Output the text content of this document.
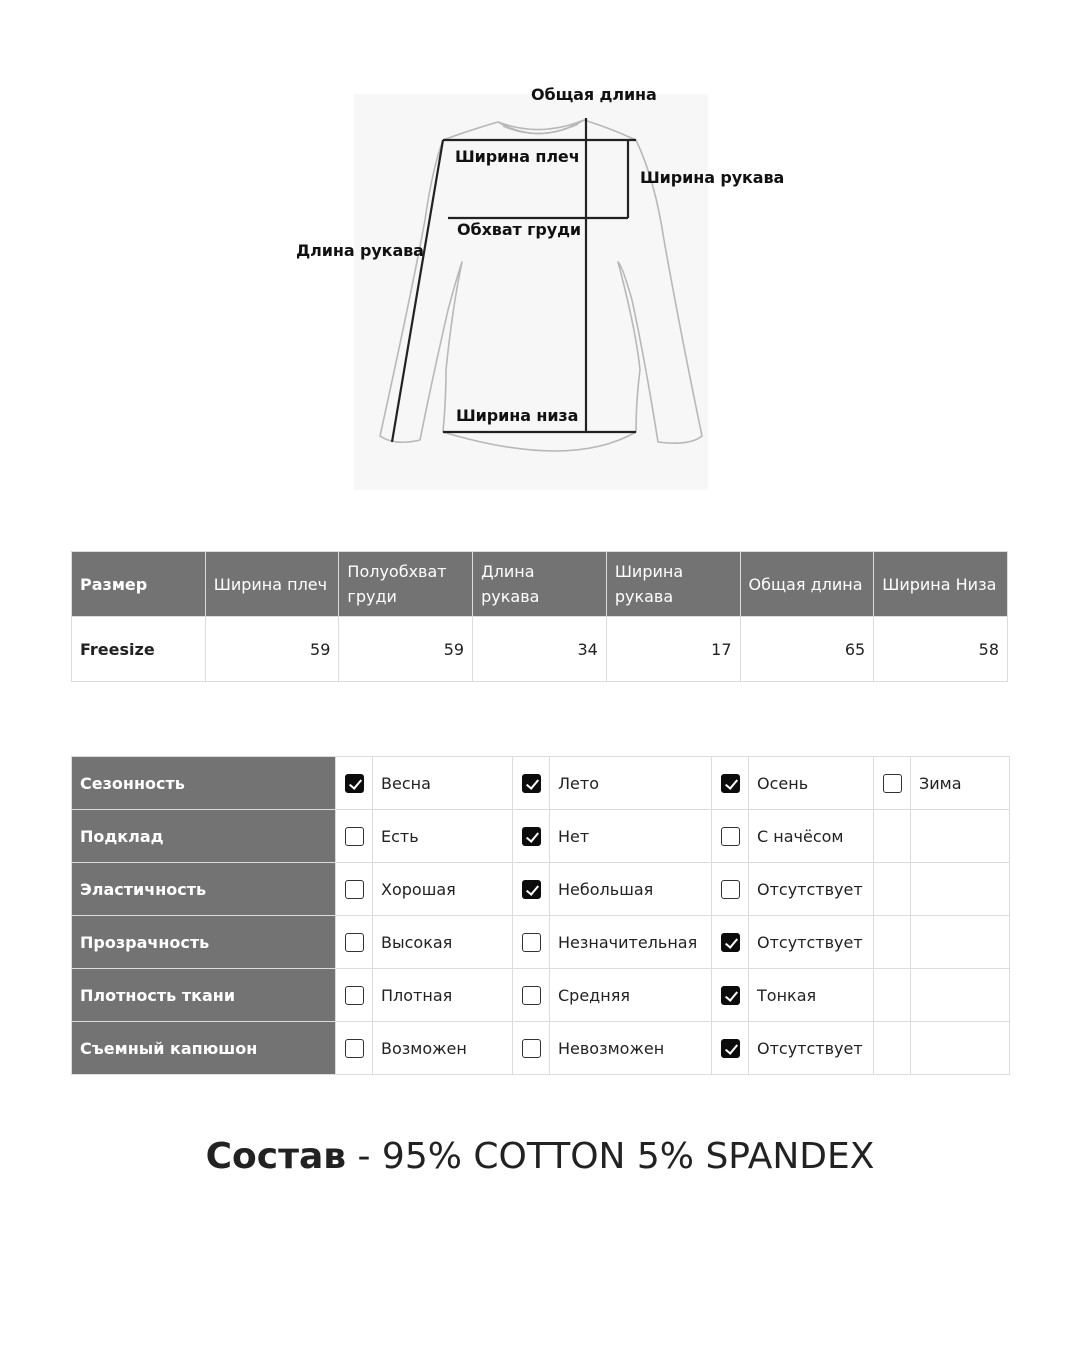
Общая длина
Ширина плеч
Ширина рукава
Обхват груди
Длина рукава
Ширина низа
Размер	Ширина плеч	Полуобхват груди	Длина рукава	Ширина рукава	Общая длина	Ширина Низа
Freesize	59	59	34	17	65	58
Сезонность		Весна		Лето		Осень		Зима
Подклад		Есть		Нет		С начёсом		
Эластичность		Хорошая		Небольшая		Отсутствует		
Прозрачность		Высокая		Незначительная		Отсутствует		
Плотность ткани		Плотная		Средняя		Тонкая		
Съемный капюшон		Возможен		Невозможен		Отсутствует		
Состав - 95% COTTON 5% SPANDEX
